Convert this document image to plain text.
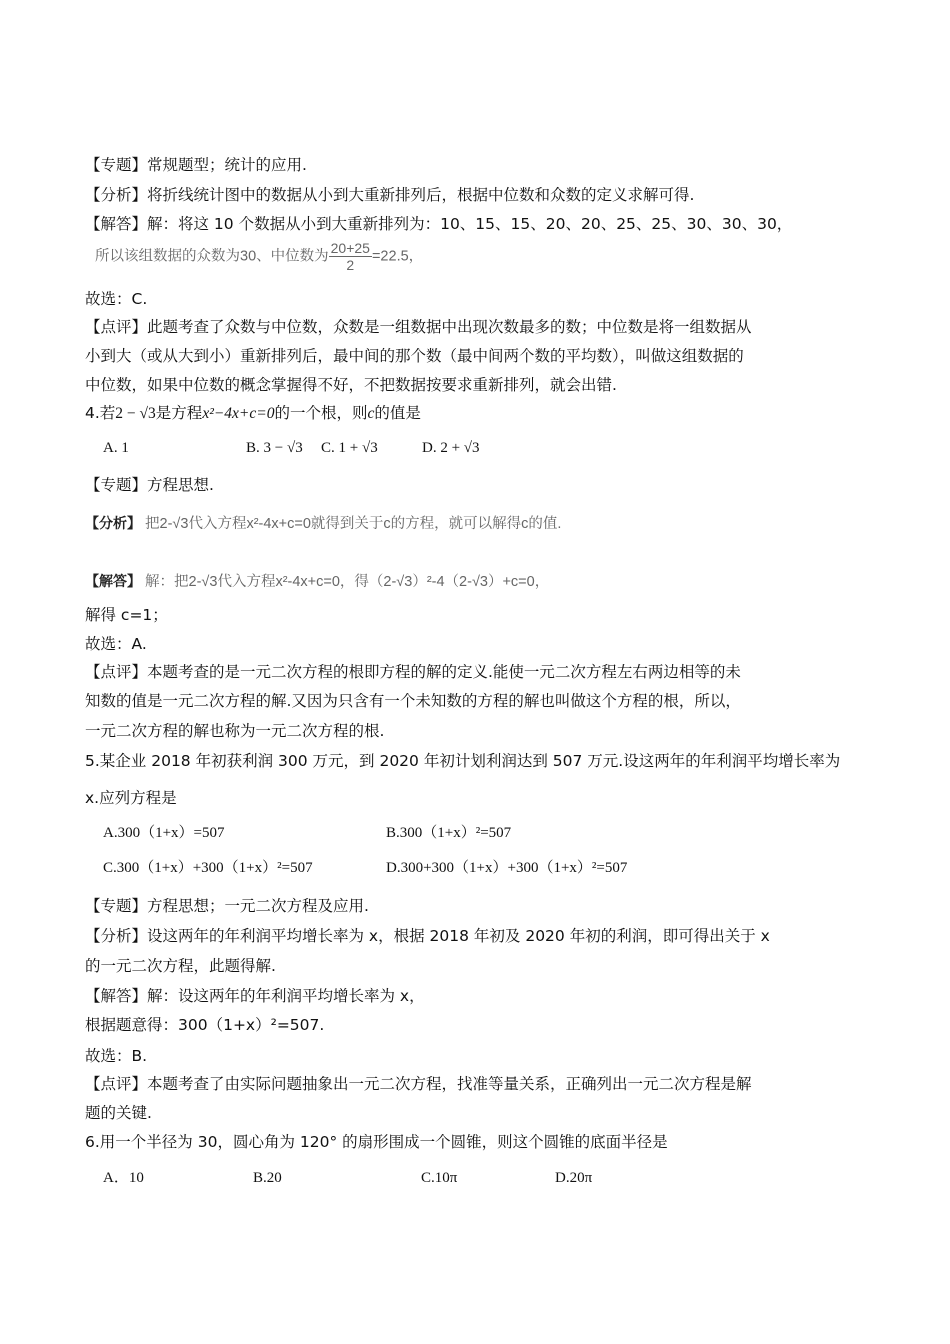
【专题】常规题型；统计的应用.
【分析】将折线统计图中的数据从小到大重新排列后，根据中位数和众数的定义求解可得.
【解答】解：将这 10 个数据从小到大重新排列为：10、15、15、20、20、25、25、30、30、30，
所以该组数据的众数为30、中位数为 $\frac{20+25}{2} =22.5$，
故选：C.
【点评】此题考查了众数与中位数，众数是一组数据中出现次数最多的数；中位数是将一组数据从
小到大（或从大到小）重新排列后，最中间的那个数（最中间两个数的平均数），叫做这组数据的
中位数，如果中位数的概念掌握得不好，不把数据按要求重新排列，就会出错.
4.若2 − √3是方程x²−4x+c=0的一个根，则c的值是
A. 1	B. 3 − √3 C. 1 + √3	D. 2 + √3
【专题】方程思想.
【分析】 把2-√3代入方程x²-4x+c=0就得到关于c的方程，就可以解得c的值.
【解答】 解：把2-√3代入方程x²-4x+c=0，得（2-√3）²-4（2-√3）+c=0，
解得 c=1；
故选：A.
【点评】本题考查的是一元二次方程的根即方程的解的定义.能使一元二次方程左右两边相等的未
知数的值是一元二次方程的解.又因为只含有一个未知数的方程的解也叫做这个方程的根，所以，
一元二次方程的解也称为一元二次方程的根.
5.某企业 2018 年初获利润 300 万元，到 2020 年初计划利润达到 507 万元.设这两年的年利润平均增长率为
x.应列方程是
A.300（1+x）=507	B.300（1+x）²=507
C.300（1+x）+300（1+x）²=507	D.300+300（1+x）+300（1+x）²=507
【专题】方程思想；一元二次方程及应用.
【分析】设这两年的年利润平均增长率为 x，根据 2018 年初及 2020 年初的利润，即可得出关于 x
的一元二次方程，此题得解.
【解答】解：设这两年的年利润平均增长率为 x，
根据题意得：300（1+x）²=507.
故选：B.
【点评】本题考查了由实际问题抽象出一元二次方程，找准等量关系，正确列出一元二次方程是解
题的关键.
6.用一个半径为 30，圆心角为 120° 的扇形围成一个圆锥，则这个圆锥的底面半径是
A．10	B.20	C.10π	D.20π
